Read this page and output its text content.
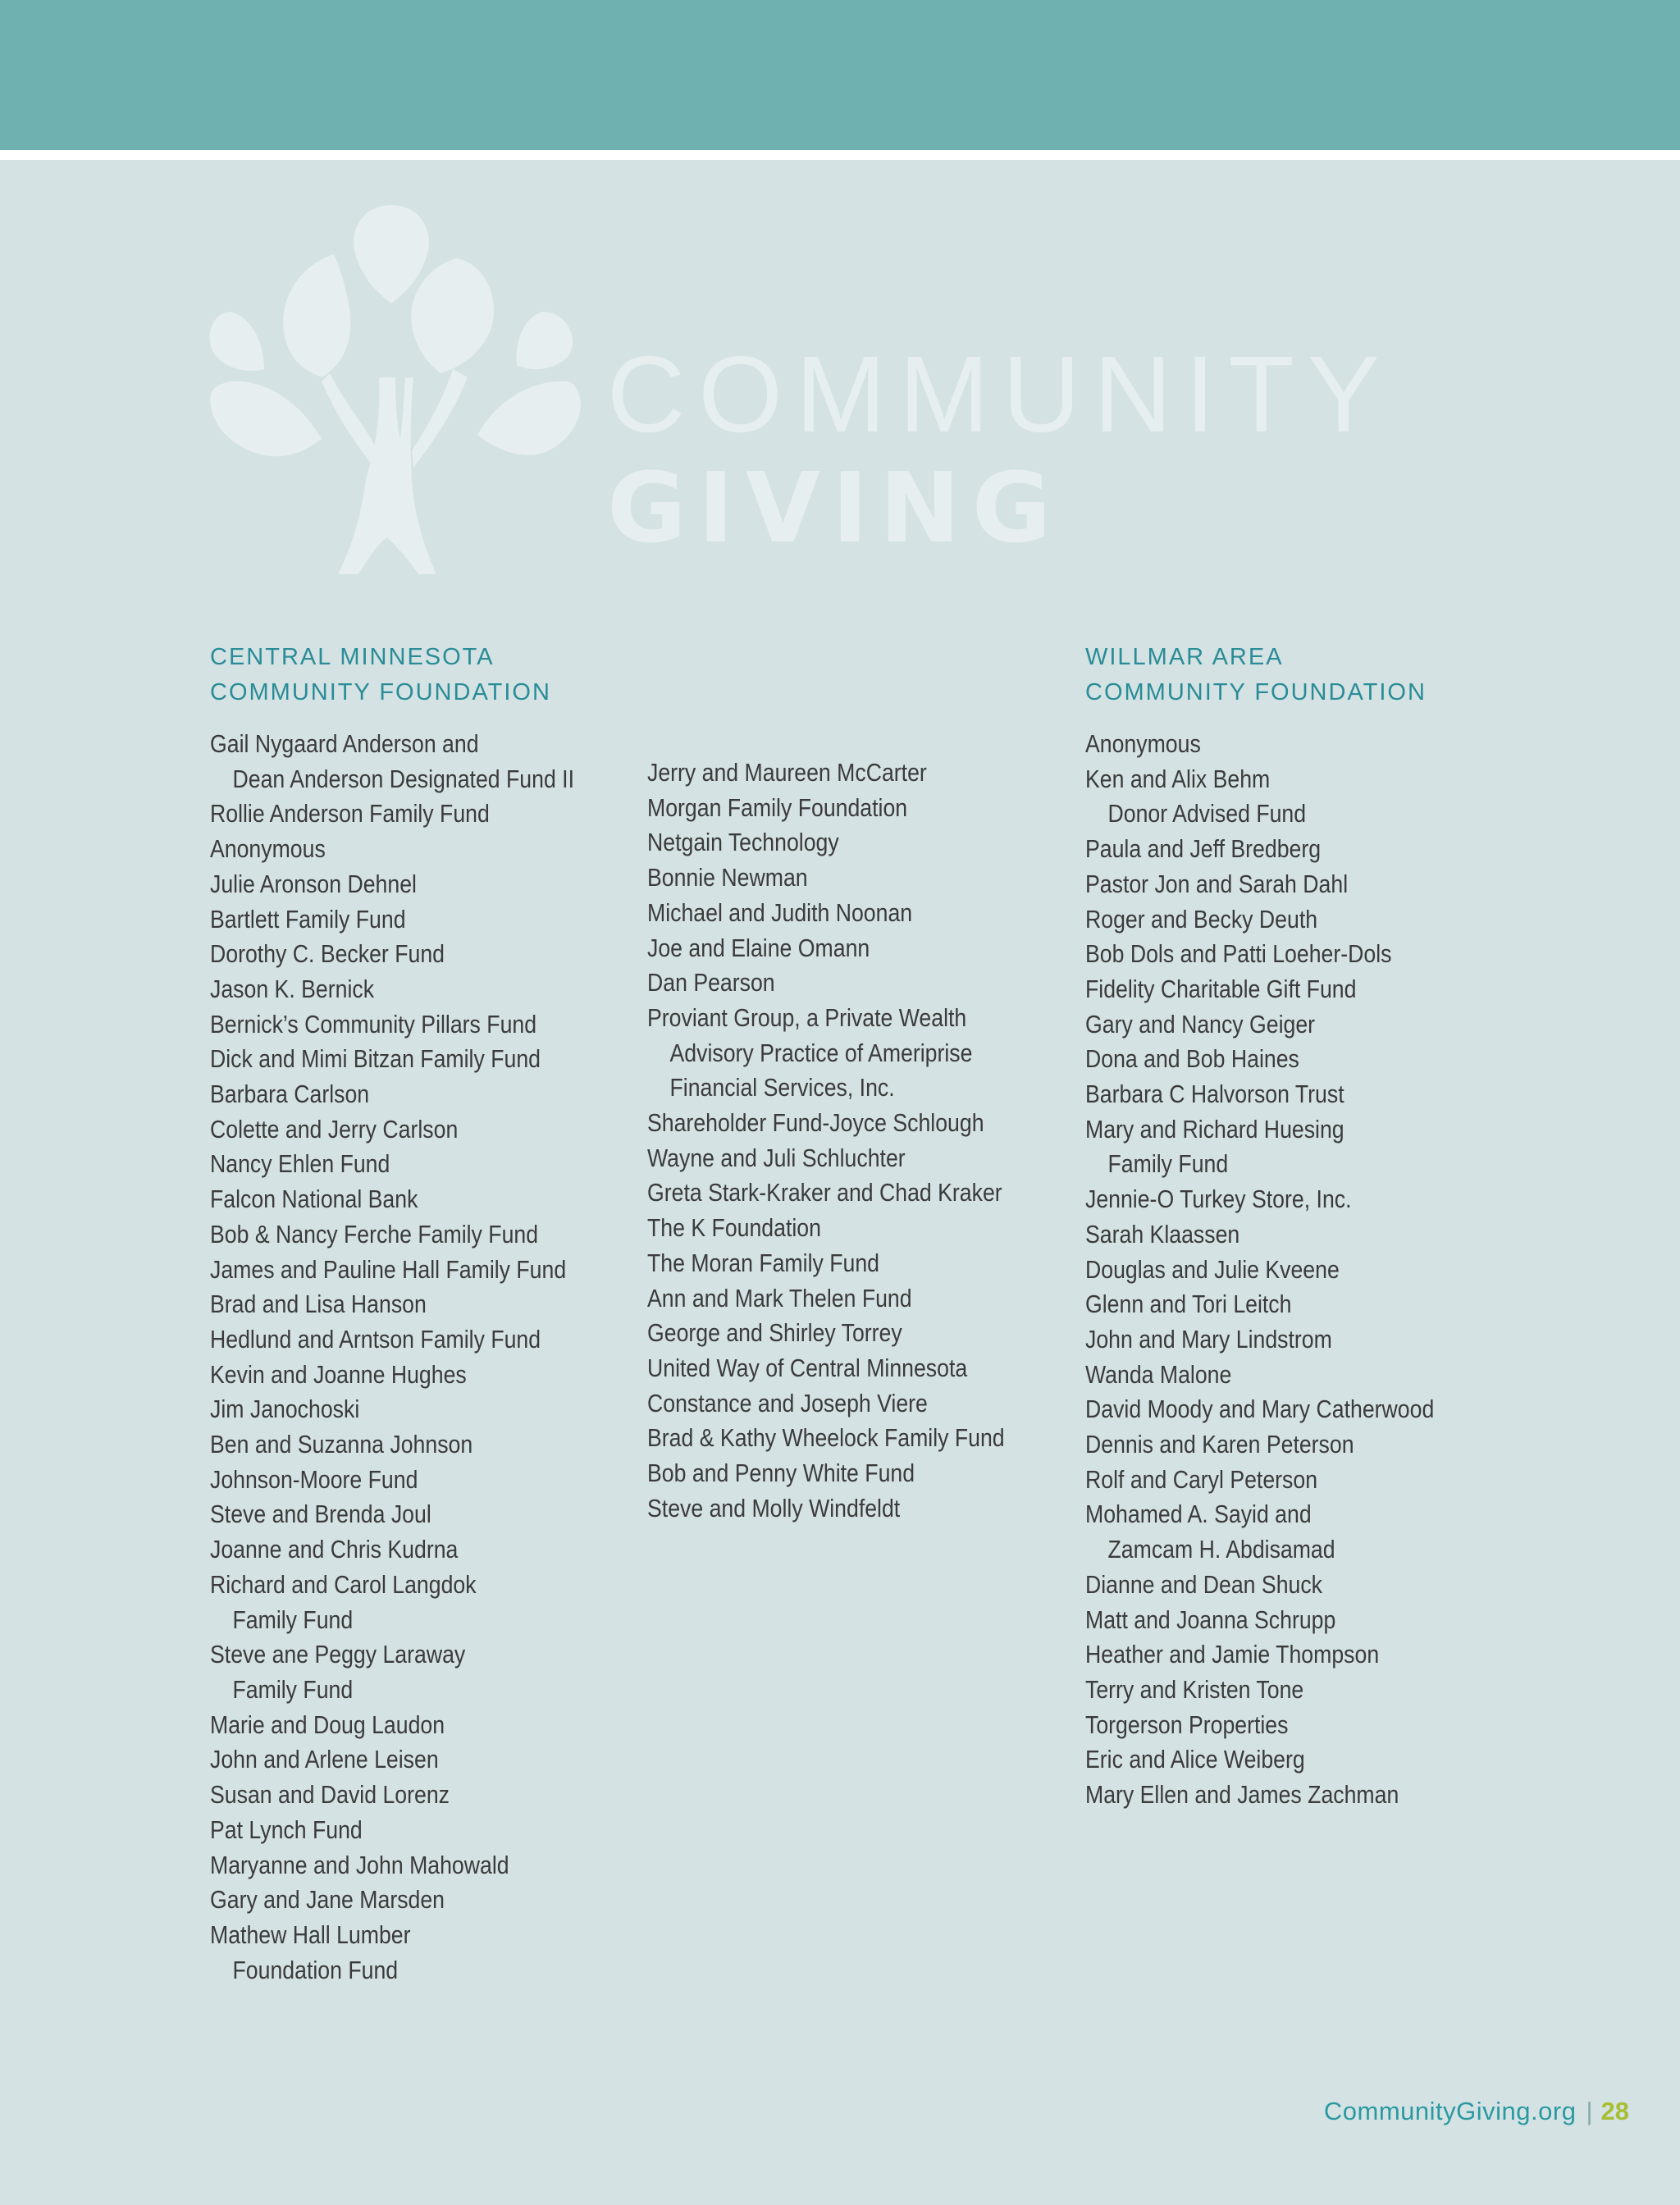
COMMUNITY
GIVING
CENTRAL MINNESOTA
COMMUNITY FOUNDATION
WILLMAR AREA
COMMUNITY FOUNDATION
Gail Nygaard Anderson and
Dean Anderson Designated Fund II
Rollie Anderson Family Fund
Anonymous
Julie Aronson Dehnel
Bartlett Family Fund
Dorothy C. Becker Fund
Jason K. Bernick
Bernick’s Community Pillars Fund
Dick and Mimi Bitzan Family Fund
Barbara Carlson
Colette and Jerry Carlson
Nancy Ehlen Fund
Falcon National Bank
Bob & Nancy Ferche Family Fund
James and Pauline Hall Family Fund
Brad and Lisa Hanson
Hedlund and Arntson Family Fund
Kevin and Joanne Hughes
Jim Janochoski
Ben and Suzanna Johnson
Johnson-Moore Fund
Steve and Brenda Joul
Joanne and Chris Kudrna
Richard and Carol Langdok
Family Fund
Steve ane Peggy Laraway
Family Fund
Marie and Doug Laudon
John and Arlene Leisen
Susan and David Lorenz
Pat Lynch Fund
Maryanne and John Mahowald
Gary and Jane Marsden
Mathew Hall Lumber
Foundation Fund
Jerry and Maureen McCarter
Morgan Family Foundation
Netgain Technology
Bonnie Newman
Michael and Judith Noonan
Joe and Elaine Omann
Dan Pearson
Proviant Group, a Private Wealth
Advisory Practice of Ameriprise
Financial Services, Inc.
Shareholder Fund-Joyce Schlough
Wayne and Juli Schluchter
Greta Stark-Kraker and Chad Kraker
The K Foundation
The Moran Family Fund
Ann and Mark Thelen Fund
George and Shirley Torrey
United Way of Central Minnesota
Constance and Joseph Viere
Brad & Kathy Wheelock Family Fund
Bob and Penny White Fund
Steve and Molly Windfeldt
Anonymous
Ken and Alix Behm
Donor Advised Fund
Paula and Jeff Bredberg
Pastor Jon and Sarah Dahl
Roger and Becky Deuth
Bob Dols and Patti Loeher-Dols
Fidelity Charitable Gift Fund
Gary and Nancy Geiger
Dona and Bob Haines
Barbara C Halvorson Trust
Mary and Richard Huesing
Family Fund
Jennie-O Turkey Store, Inc.
Sarah Klaassen
Douglas and Julie Kveene
Glenn and Tori Leitch
John and Mary Lindstrom
Wanda Malone
David Moody and Mary Catherwood
Dennis and Karen Peterson
Rolf and Caryl Peterson
Mohamed A. Sayid and
Zamcam H. Abdisamad
Dianne and Dean Shuck
Matt and Joanna Schrupp
Heather and Jamie Thompson
Terry and Kristen Tone
Torgerson Properties
Eric and Alice Weiberg
Mary Ellen and James Zachman
CommunityGiving.org | 28
